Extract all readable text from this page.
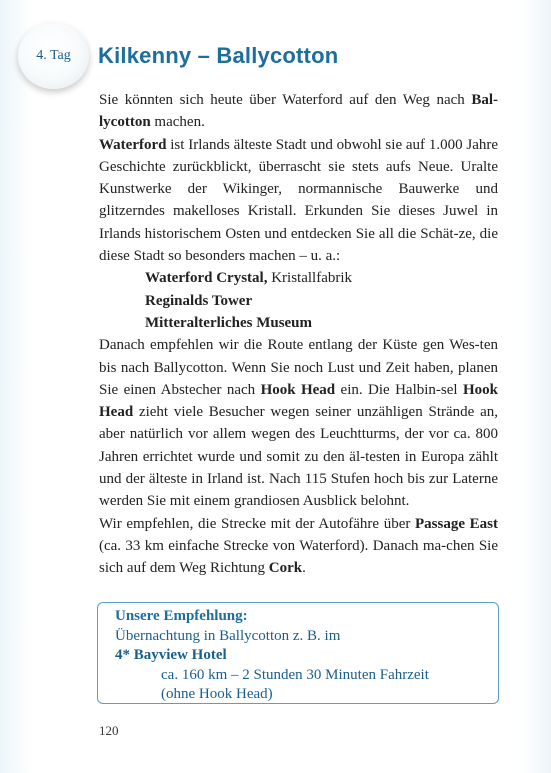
4. Tag Kilkenny – Ballycotton

Sie könnten sich heute über Waterford auf den Weg nach Bal-lycotton machen.

Waterford ist Irlands älteste Stadt und obwohl sie auf 1.000 Jahre Geschichte zurückblickt, überrascht sie stets aufs Neue. Uralte Kunstwerke der Wikinger, normannische Bauwerke und glitzerndes makelloses Kristall. Erkunden Sie dieses Juwel in Irlands historischem Osten und entdecken Sie all die Schät-ze, die diese Stadt so besonders machen – u. a.:

Waterford Crystal, Kristallfabrik

Reginalds Tower

Mitteralterliches Museum

Danach empfehlen wir die Route entlang der Küste gen Wes-ten bis nach Ballycotton. Wenn Sie noch Lust und Zeit haben, planen Sie einen Abstecher nach Hook Head ein. Die Halbin-sel Hook Head zieht viele Besucher wegen seiner unzähligen Strände an, aber natürlich vor allem wegen des Leuchtturms, der vor ca. 800 Jahren errichtet wurde und somit zu den äl-testen in Europa zählt und der älteste in Irland ist. Nach 115 Stufen hoch bis zur Laterne werden Sie mit einem grandiosen Ausblick belohnt.

Wir empfehlen, die Strecke mit der Autofähre über Passage East (ca. 33 km einfache Strecke von Waterford). Danach ma-chen Sie sich auf dem Weg Richtung Cork.

Unsere Empfehlung:
Übernachtung in Ballycotton z. B. im
4* Bayview Hotel
ca. 160 km – 2 Stunden 30 Minuten Fahrzeit
(ohne Hook Head)
120
